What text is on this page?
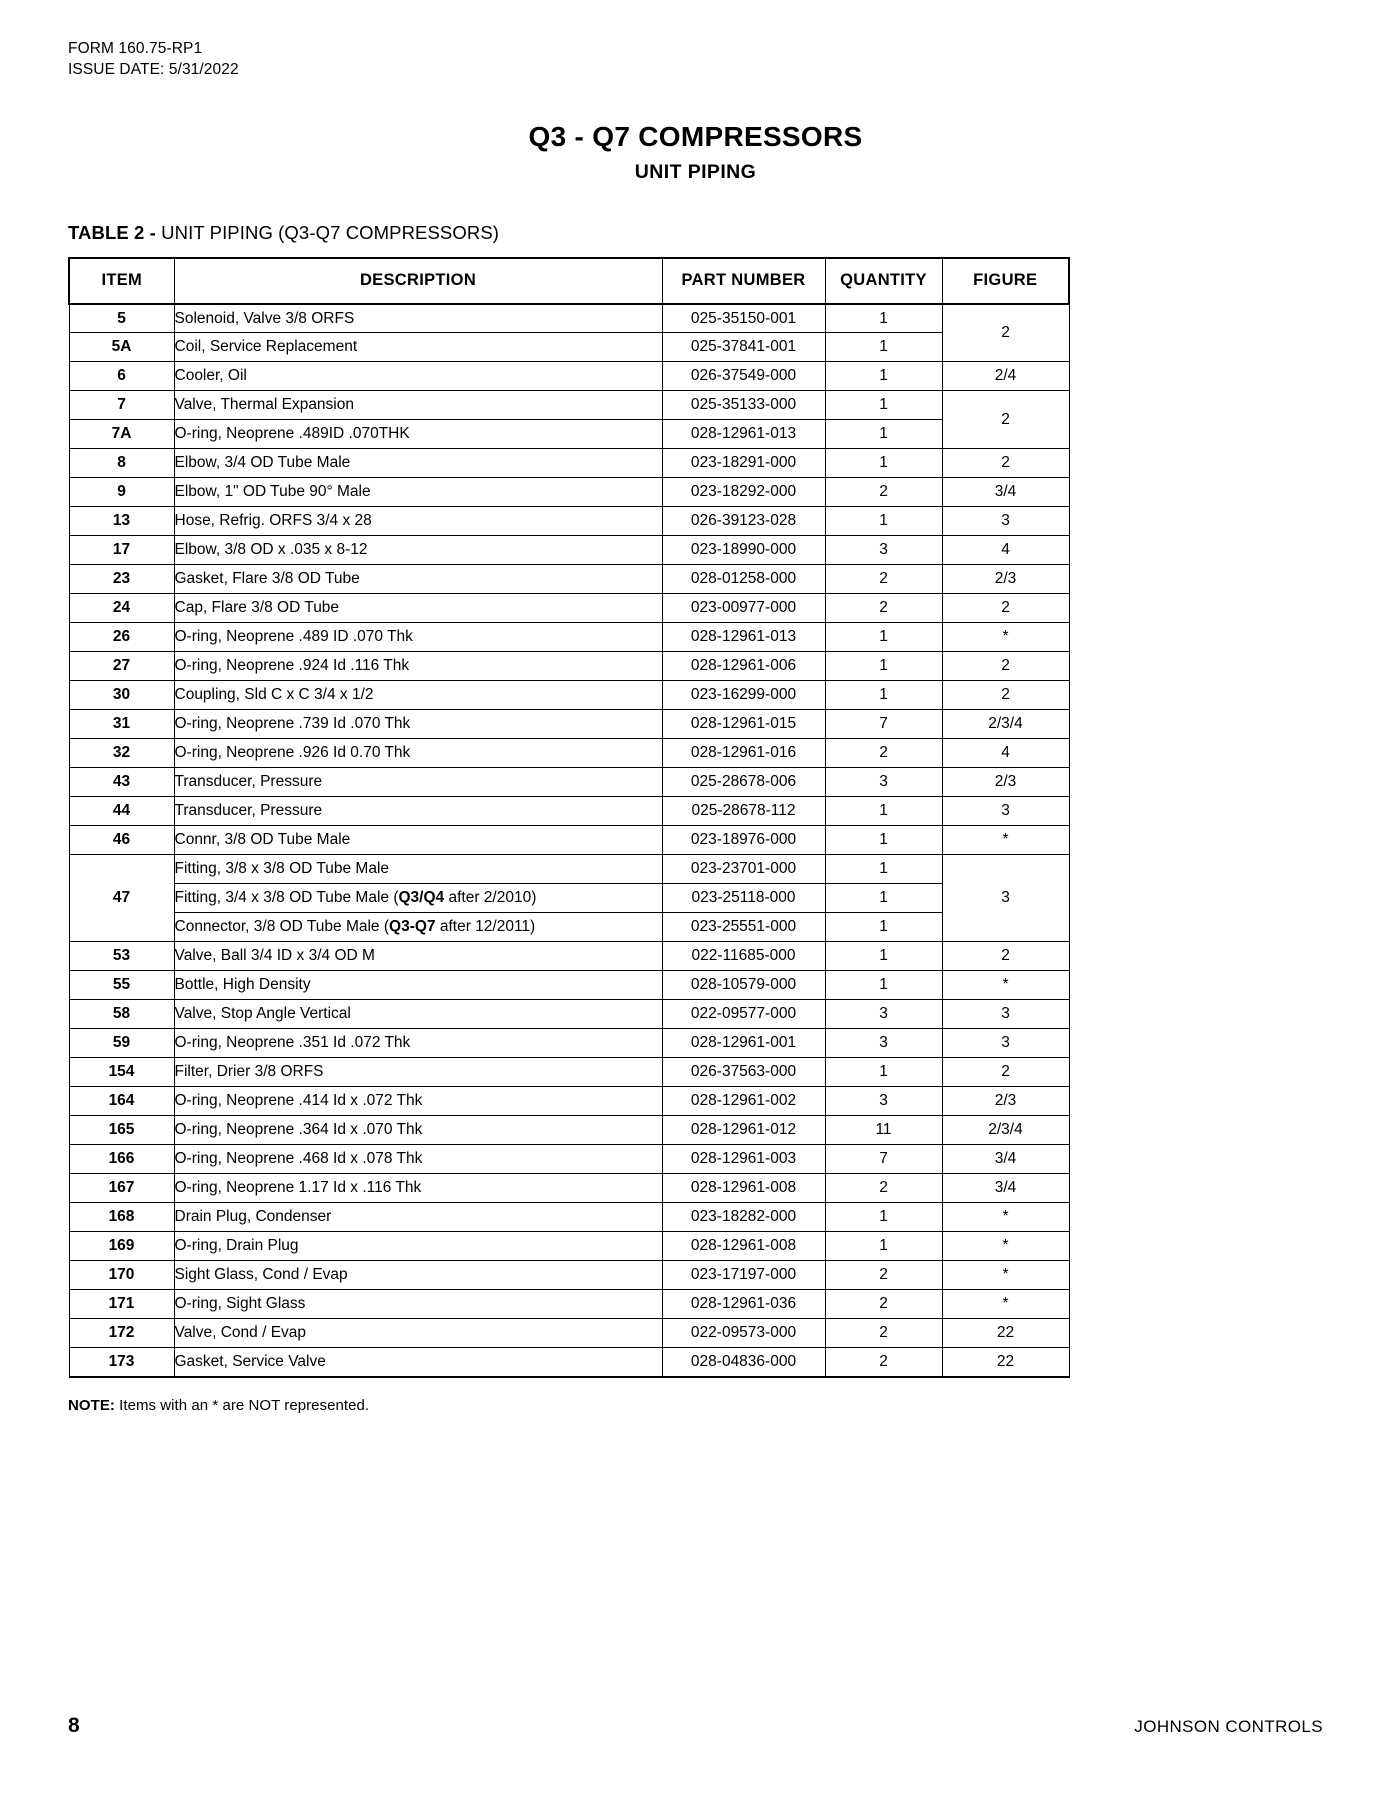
FORM 160.75-RP1
ISSUE DATE: 5/31/2022
Q3 - Q7 COMPRESSORS
UNIT PIPING
TABLE 2 - UNIT PIPING (Q3-Q7 COMPRESSORS)
ITEM	DESCRIPTION	PART NUMBER	QUANTITY	FIGURE
5	Solenoid, Valve 3/8 ORFS	025-35150-001	1	2
5A	Coil, Service Replacement	025-37841-001	1	
6	Cooler, Oil	026-37549-000	1	2/4
7	Valve, Thermal Expansion	025-35133-000	1	2
7A	O-ring, Neoprene .489ID .070THK	028-12961-013	1	
8	Elbow, 3/4 OD Tube Male	023-18291-000	1	2
9	Elbow, 1" OD Tube 90° Male	023-18292-000	2	3/4
13	Hose, Refrig. ORFS 3/4 x 28	026-39123-028	1	3
17	Elbow, 3/8 OD x .035 x 8-12	023-18990-000	3	4
23	Gasket, Flare 3/8 OD Tube	028-01258-000	2	2/3
24	Cap, Flare 3/8 OD Tube	023-00977-000	2	2
26	O-ring, Neoprene .489 ID .070 Thk	028-12961-013	1	*
27	O-ring, Neoprene .924 Id .116 Thk	028-12961-006	1	2
30	Coupling, Sld C x C 3/4 x 1/2	023-16299-000	1	2
31	O-ring, Neoprene .739 Id .070 Thk	028-12961-015	7	2/3/4
32	O-ring, Neoprene .926 Id 0.70 Thk	028-12961-016	2	4
43	Transducer, Pressure	025-28678-006	3	2/3
44	Transducer, Pressure	025-28678-112	1	3
46	Connr, 3/8 OD Tube Male	023-18976-000	1	*
47	Fitting, 3/8 x 3/8 OD Tube Male	023-23701-000	1	3
	Fitting, 3/4 x 3/8 OD Tube Male (Q3/Q4 after 2/2010)	023-25118-000	1	
	Connector, 3/8 OD Tube Male (Q3-Q7 after 12/2011)	023-25551-000	1	
53	Valve, Ball 3/4 ID x 3/4 OD M	022-11685-000	1	2
55	Bottle, High Density	028-10579-000	1	*
58	Valve, Stop Angle Vertical	022-09577-000	3	3
59	O-ring, Neoprene .351 Id .072 Thk	028-12961-001	3	3
154	Filter, Drier 3/8 ORFS	026-37563-000	1	2
164	O-ring, Neoprene .414 Id x .072 Thk	028-12961-002	3	2/3
165	O-ring, Neoprene .364 Id x .070 Thk	028-12961-012	11	2/3/4
166	O-ring, Neoprene .468 Id x .078 Thk	028-12961-003	7	3/4
167	O-ring, Neoprene 1.17 Id x .116 Thk	028-12961-008	2	3/4
168	Drain Plug, Condenser	023-18282-000	1	*
169	O-ring, Drain Plug	028-12961-008	1	*
170	Sight Glass, Cond / Evap	023-17197-000	2	*
171	O-ring, Sight Glass	028-12961-036	2	*
172	Valve, Cond / Evap	022-09573-000	2	22
173	Gasket, Service Valve	028-04836-000	2	22
NOTE: Items with an * are NOT represented.
8	JOHNSON CONTROLS
